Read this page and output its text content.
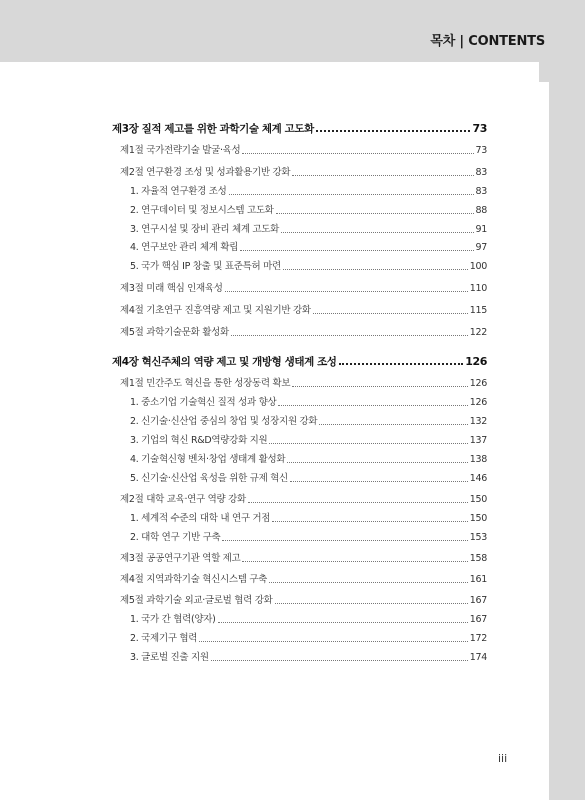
목차 | CONTENTS
제3장 질적 제고를 위한 과학기술 체계 고도화	73
제1절 국가전략기술 발굴·육성	73
제2절 연구환경 조성 및 성과활용기반 강화	83
1. 자율적 연구환경 조성	83
2. 연구데이터 및 정보시스템 고도화	88
3. 연구시설 및 장비 관리 체계 고도화	91
4. 연구보안 관리 체계 확립	97
5. 국가 핵심 IP 창출 및 표준특허 마련	100
제3절 미래 핵심 인재육성	110
제4절 기초연구 진흥역량 제고 및 지원기반 강화	115
제5절 과학기술문화 활성화	122
제4장 혁신주체의 역량 제고 및 개방형 생태계 조성	126
제1절 민간주도 혁신을 통한 성장동력 확보	126
1. 중소기업 기술혁신 질적 성과 향상	126
2. 신기술·신산업 중심의 창업 및 성장지원 강화	132
3. 기업의 혁신 R&D역량강화 지원	137
4. 기술혁신형 벤처·창업 생태계 활성화	138
5. 신기술·신산업 육성을 위한 규제 혁신	146
제2절 대학 교육·연구 역량 강화	150
1. 세계적 수준의 대학 내 연구 거점	150
2. 대학 연구 기반 구축	153
제3절 공공연구기관 역할 제고	158
제4절 지역과학기술 혁신시스템 구축	161
제5절 과학기술 외교·글로벌 협력 강화	167
1. 국가 간 협력(양자)	167
2. 국제기구 협력	172
3. 글로벌 진출 지원	174
iii
